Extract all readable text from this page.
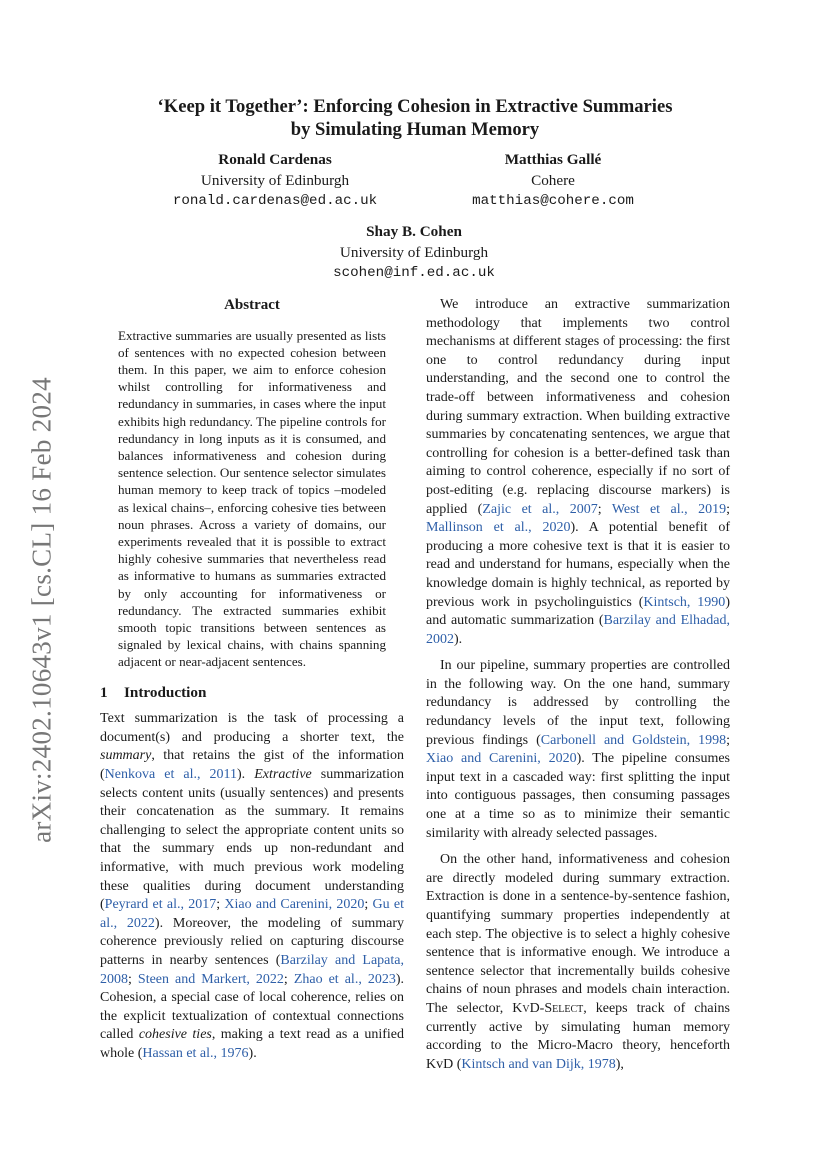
arXiv:2402.10643v1 [cs.CL] 16 Feb 2024
‘Keep it Together’: Enforcing Cohesion in Extractive Summaries
by Simulating Human Memory
Ronald Cardenas
University of Edinburgh
ronald.cardenas@ed.ac.uk
Matthias Gallé
Cohere
matthias@cohere.com
Shay B. Cohen
University of Edinburgh
scohen@inf.ed.ac.uk

Abstract

Extractive summaries are usually presented as lists of sentences with no expected cohesion between them. In this paper, we aim to enforce cohesion whilst controlling for informativeness and redundancy in summaries, in cases where the input exhibits high redundancy. The pipeline controls for redundancy in long inputs as it is consumed, and balances informativeness and cohesion during sentence selection. Our sentence selector simulates human memory to keep track of topics –modeled as lexical chains–, enforcing cohesive ties between noun phrases. Across a variety of domains, our experiments revealed that it is possible to extract highly cohesive summaries that nevertheless read as informative to humans as summaries extracted by only accounting for informativeness or redundancy. The extracted summaries exhibit smooth topic transitions between sentences as signaled by lexical chains, with chains spanning adjacent or near-adjacent sentences.

1 Introduction

Text summarization is the task of processing a document(s) and producing a shorter text, the summary, that retains the gist of the information (Nenkova et al., 2011). Extractive summarization selects content units (usually sentences) and presents their concatenation as the summary. It remains challenging to select the appropriate content units so that the summary ends up non-redundant and informative, with much previous work modeling these qualities during document understanding (Peyrard et al., 2017; Xiao and Carenini, 2020; Gu et al., 2022). Moreover, the modeling of summary coherence previously relied on capturing discourse patterns in nearby sentences (Barzilay and Lapata, 2008; Steen and Markert, 2022; Zhao et al., 2023). Cohesion, a special case of local coherence, relies on the explicit textualization of contextual connections called cohesive ties, making a text read as a unified whole (Hassan et al., 1976).

We introduce an extractive summarization methodology that implements two control mechanisms at different stages of processing: the first one to control redundancy during input understanding, and the second one to control the trade-off between informativeness and cohesion during summary extraction. When building extractive summaries by concatenating sentences, we argue that controlling for cohesion is a better-defined task than aiming to control coherence, especially if no sort of post-editing (e.g. replacing discourse markers) is applied (Zajic et al., 2007; West et al., 2019; Mallinson et al., 2020). A potential benefit of producing a more cohesive text is that it is easier to read and understand for humans, especially when the knowledge domain is highly technical, as reported by previous work in psycholinguistics (Kintsch, 1990) and automatic summarization (Barzilay and Elhadad, 2002).

In our pipeline, summary properties are controlled in the following way. On the one hand, summary redundancy is addressed by controlling the redundancy levels of the input text, following previous findings (Carbonell and Goldstein, 1998; Xiao and Carenini, 2020). The pipeline consumes input text in a cascaded way: first splitting the input into contiguous passages, then consuming passages one at a time so as to minimize their semantic similarity with already selected passages.

On the other hand, informativeness and cohesion are directly modeled during summary extraction. Extraction is done in a sentence-by-sentence fashion, quantifying summary properties independently at each step. The objective is to select a highly cohesive sentence that is informative enough. We introduce a sentence selector that incrementally builds cohesive chains of noun phrases and models chain interaction. The selector, KvD-Select, keeps track of chains currently active by simulating human memory according to the Micro-Macro theory, henceforth KvD (Kintsch and van Dijk, 1978),
